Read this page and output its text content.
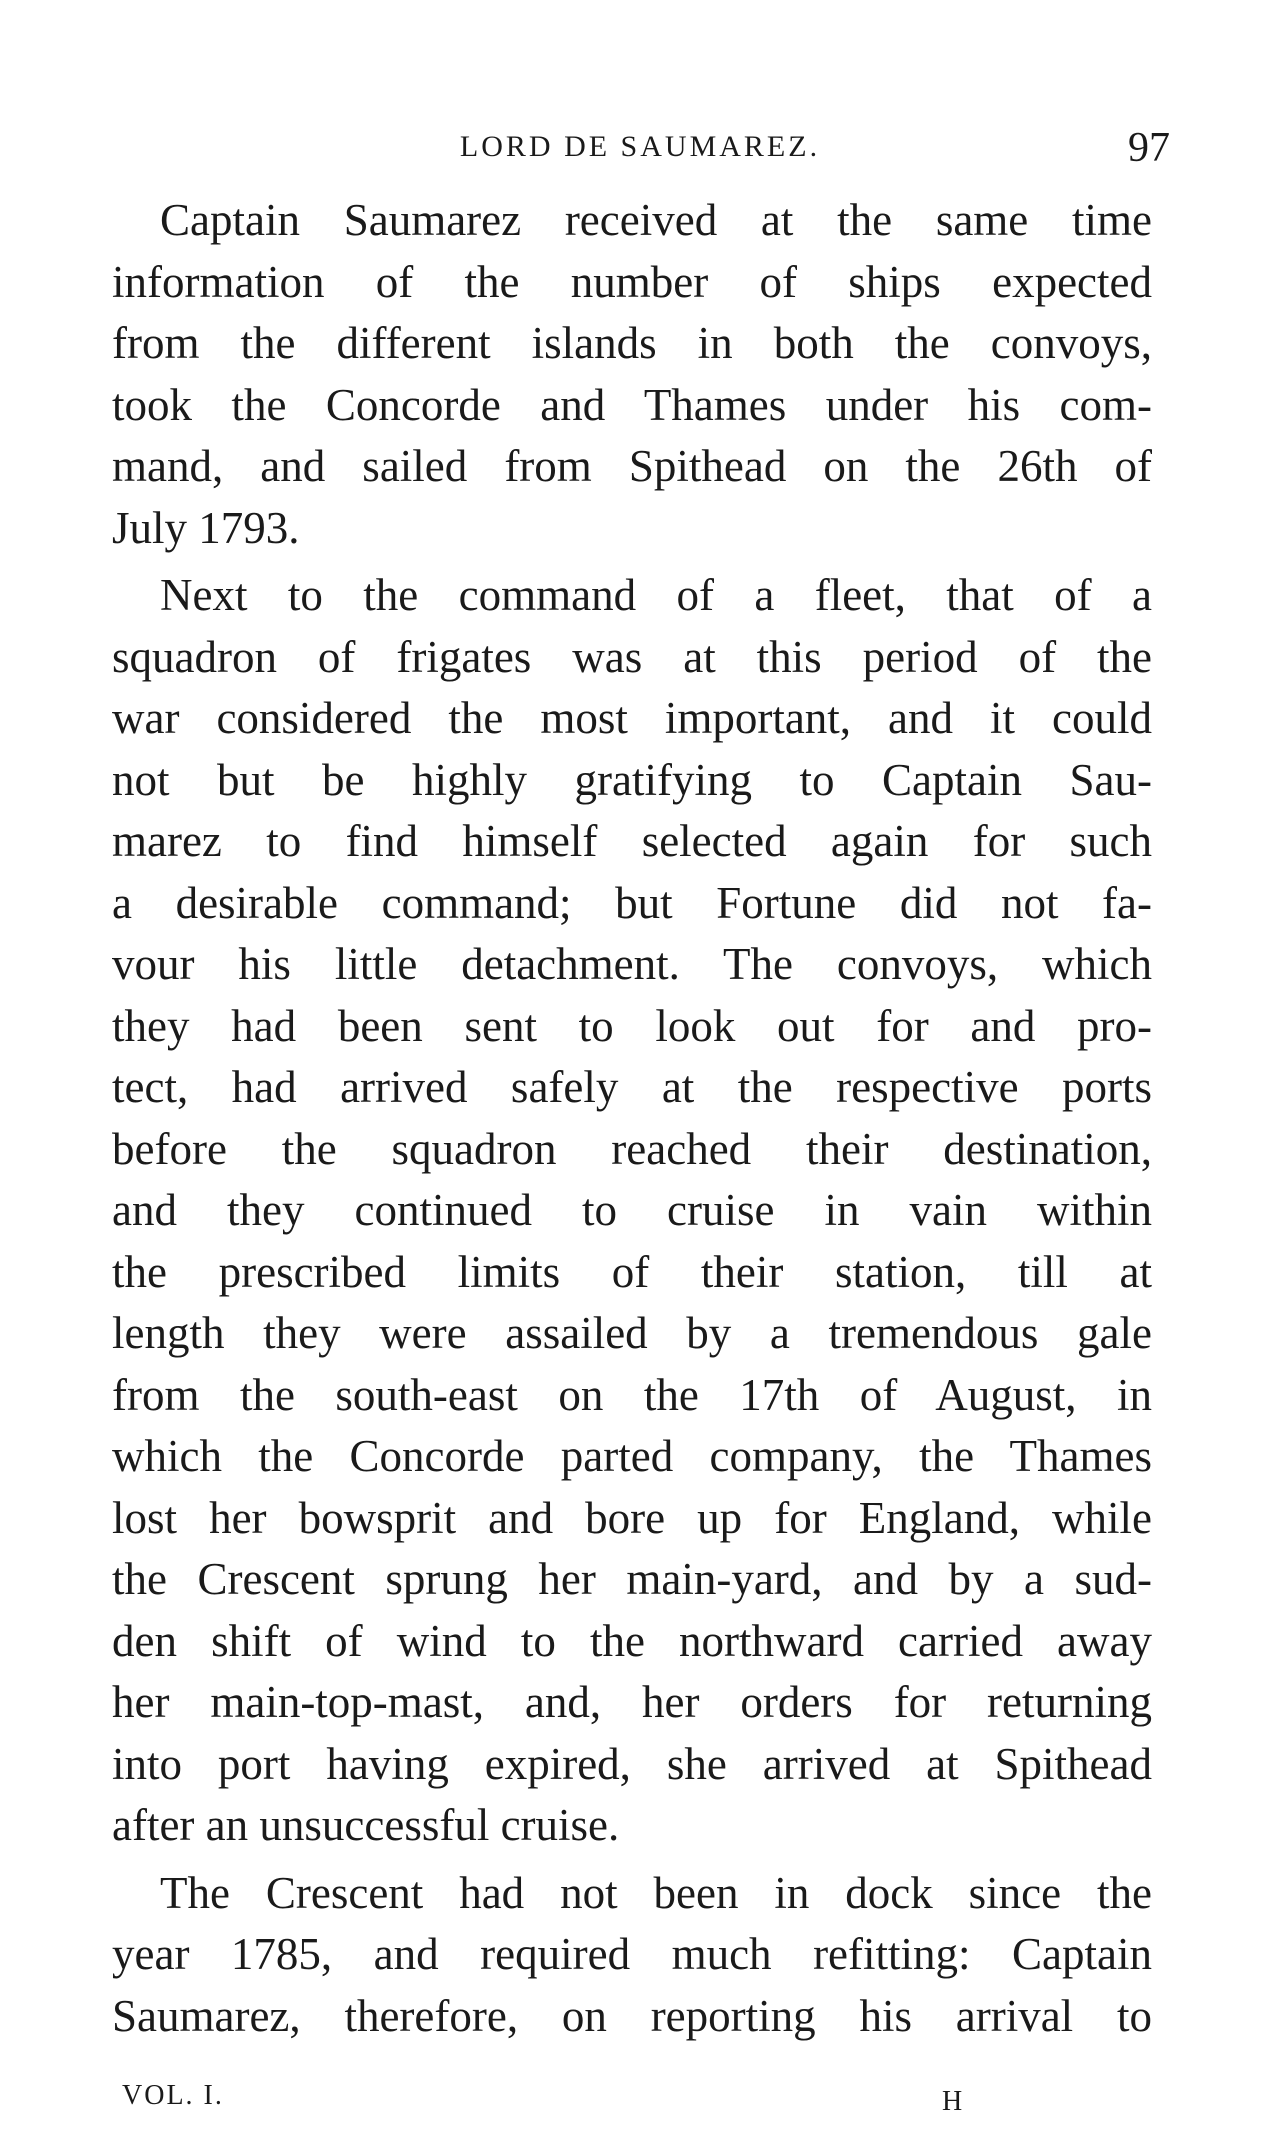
LORD DE SAUMAREZ.	97
Captain Saumarez received at the same time
information of the number of ships expected
from the different islands in both the convoys,
took the Concorde and Thames under his com-
mand, and sailed from Spithead on the 26th of
July 1793.
Next to the command of a fleet, that of a
squadron of frigates was at this period of the
war considered the most important, and it could
not but be highly gratifying to Captain Sau-
marez to find himself selected again for such
a desirable command; but Fortune did not fa-
vour his little detachment. The convoys, which
they had been sent to look out for and pro-
tect, had arrived safely at the respective ports
before the squadron reached their destination,
and they continued to cruise in vain within
the prescribed limits of their station, till at
length they were assailed by a tremendous gale
from the south-east on the 17th of August, in
which the Concorde parted company, the Thames
lost her bowsprit and bore up for England, while
the Crescent sprung her main-yard, and by a sud-
den shift of wind to the northward carried away
her main-top-mast, and, her orders for returning
into port having expired, she arrived at Spithead
after an unsuccessful cruise.
The Crescent had not been in dock since the
year 1785, and required much refitting: Captain
Saumarez, therefore, on reporting his arrival to
VOL. I.	H
